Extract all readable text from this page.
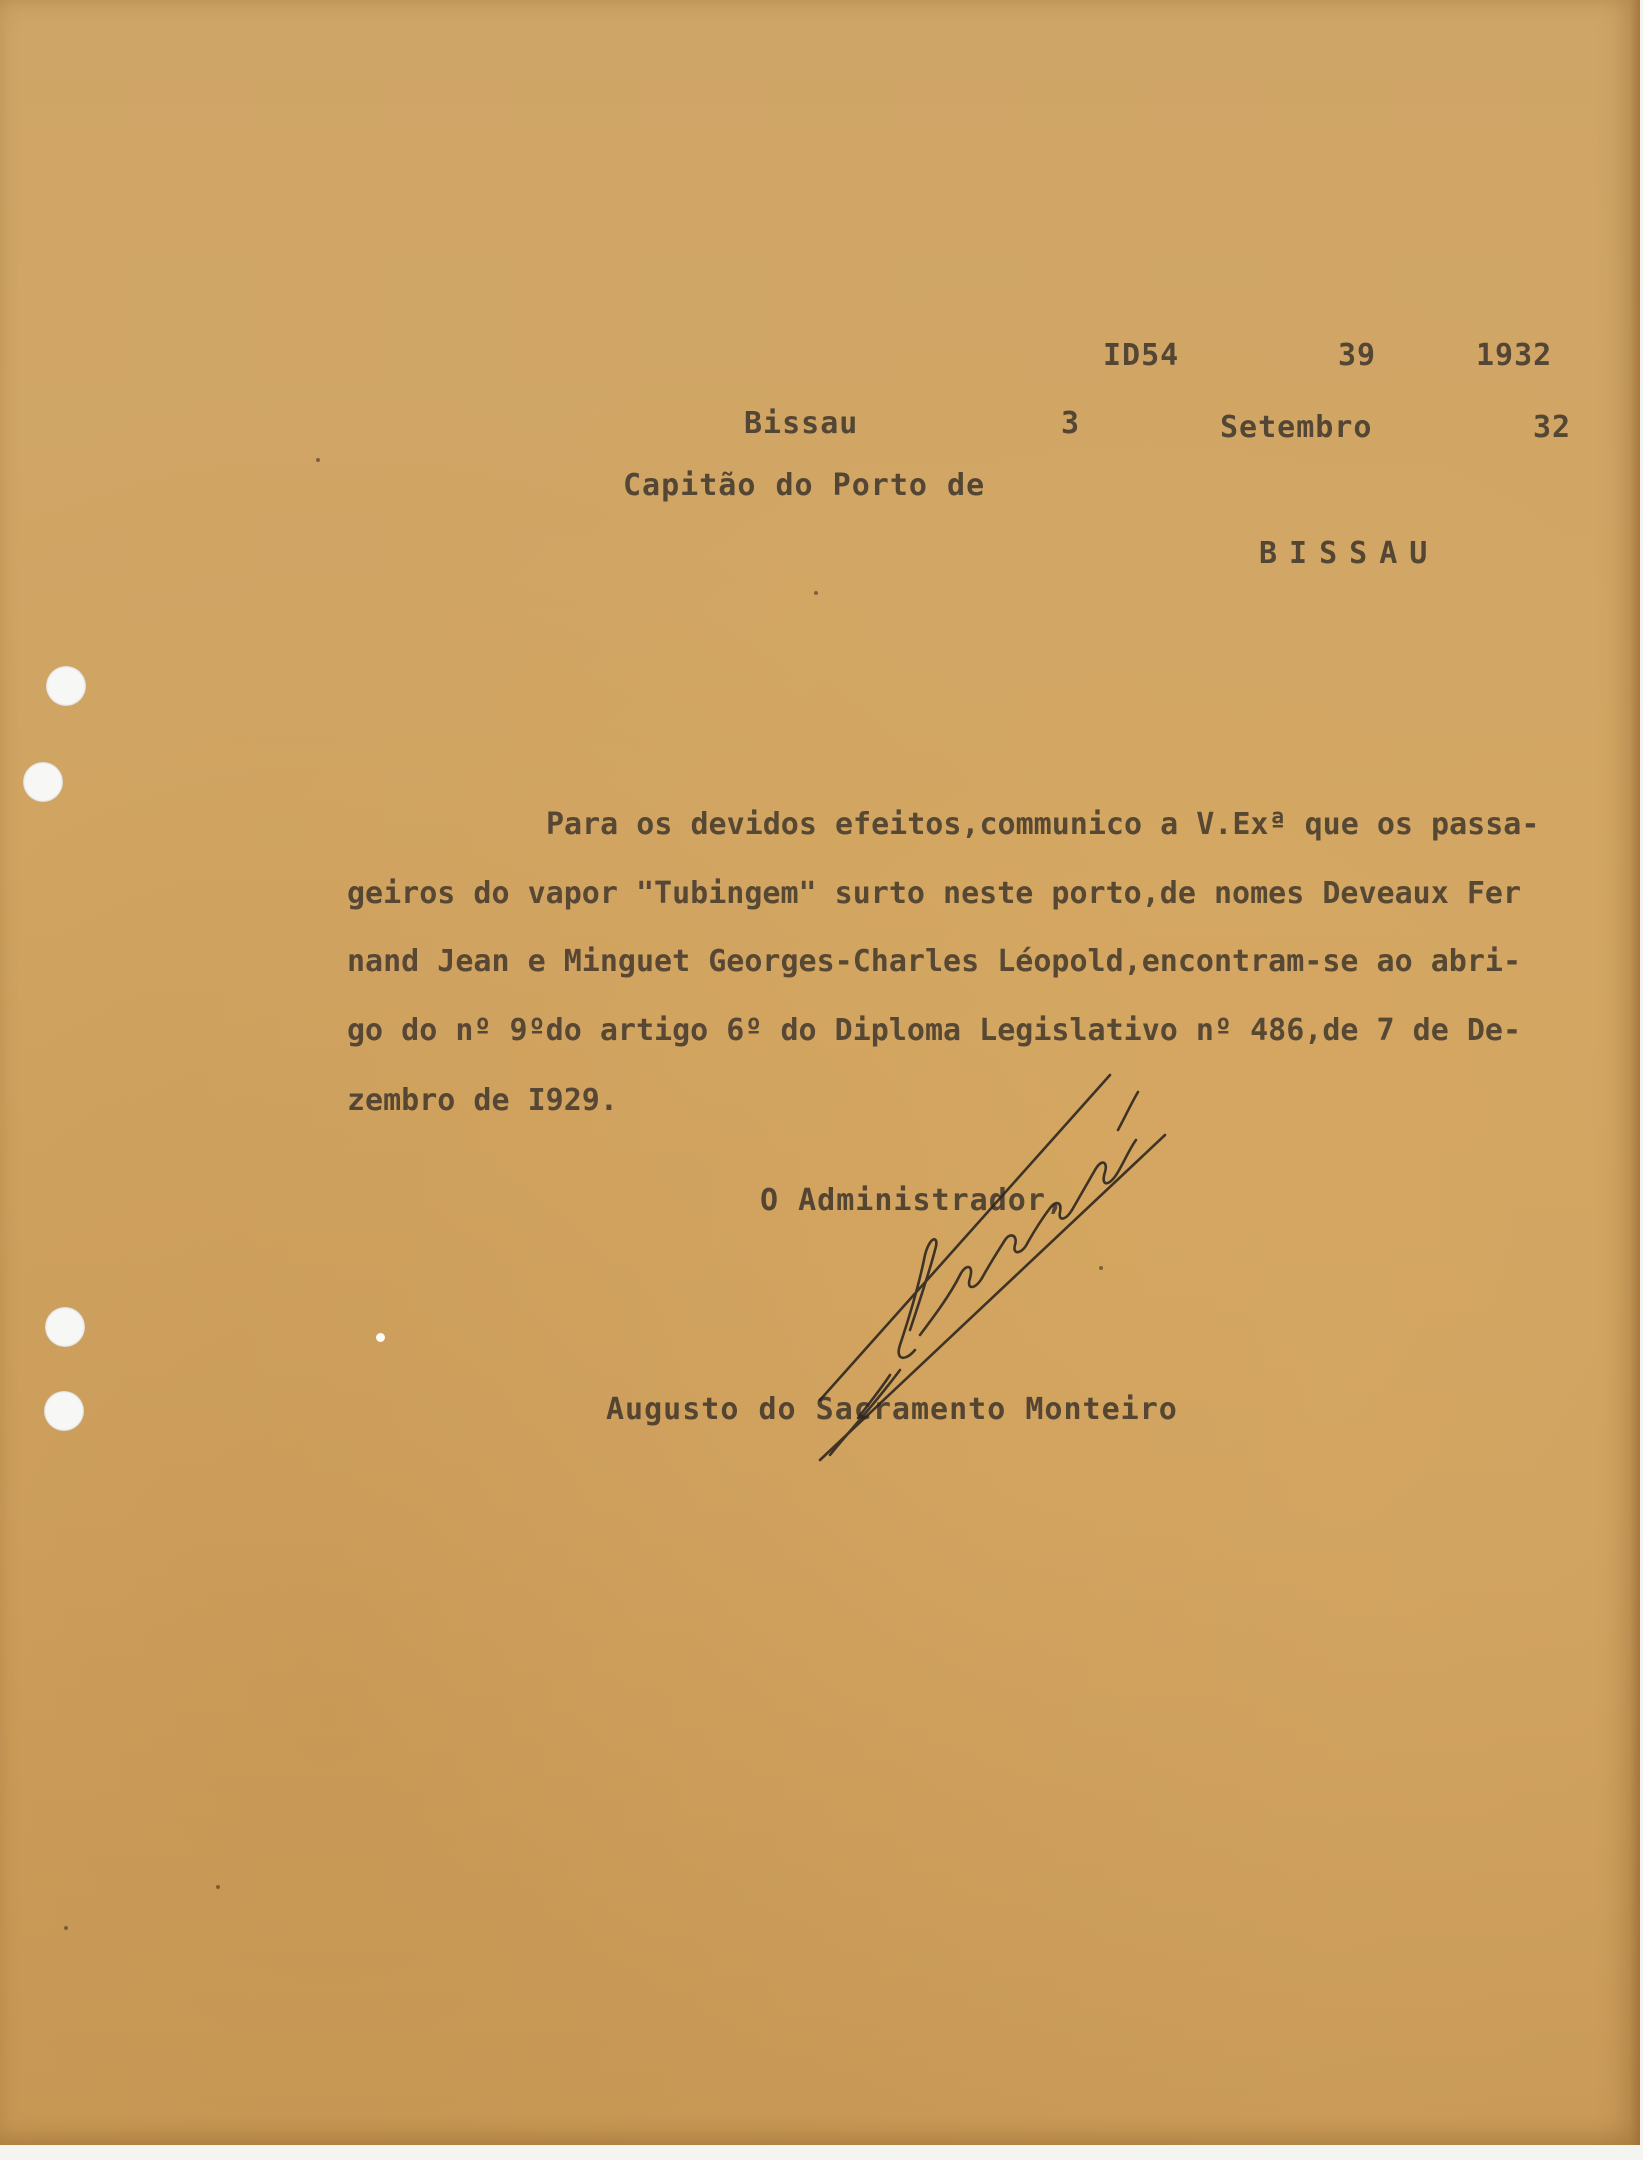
ID54	39	1932
Bissau	3	Setembro	32
Capitão do Porto de
BISSAU
Para os devidos efeitos,communico a V.Exª que os passa-
geiros do vapor "Tubingem" surto neste porto,de nomes Deveaux Fer
nand Jean e Minguet Georges-Charles Léopold,encontram-se ao abri-
go do nº 9ºdo artigo 6º do Diploma Legislativo nº 486,de 7 de De-
zembro de I929.
O Administrador,
Augusto do Sacramento Monteiro
